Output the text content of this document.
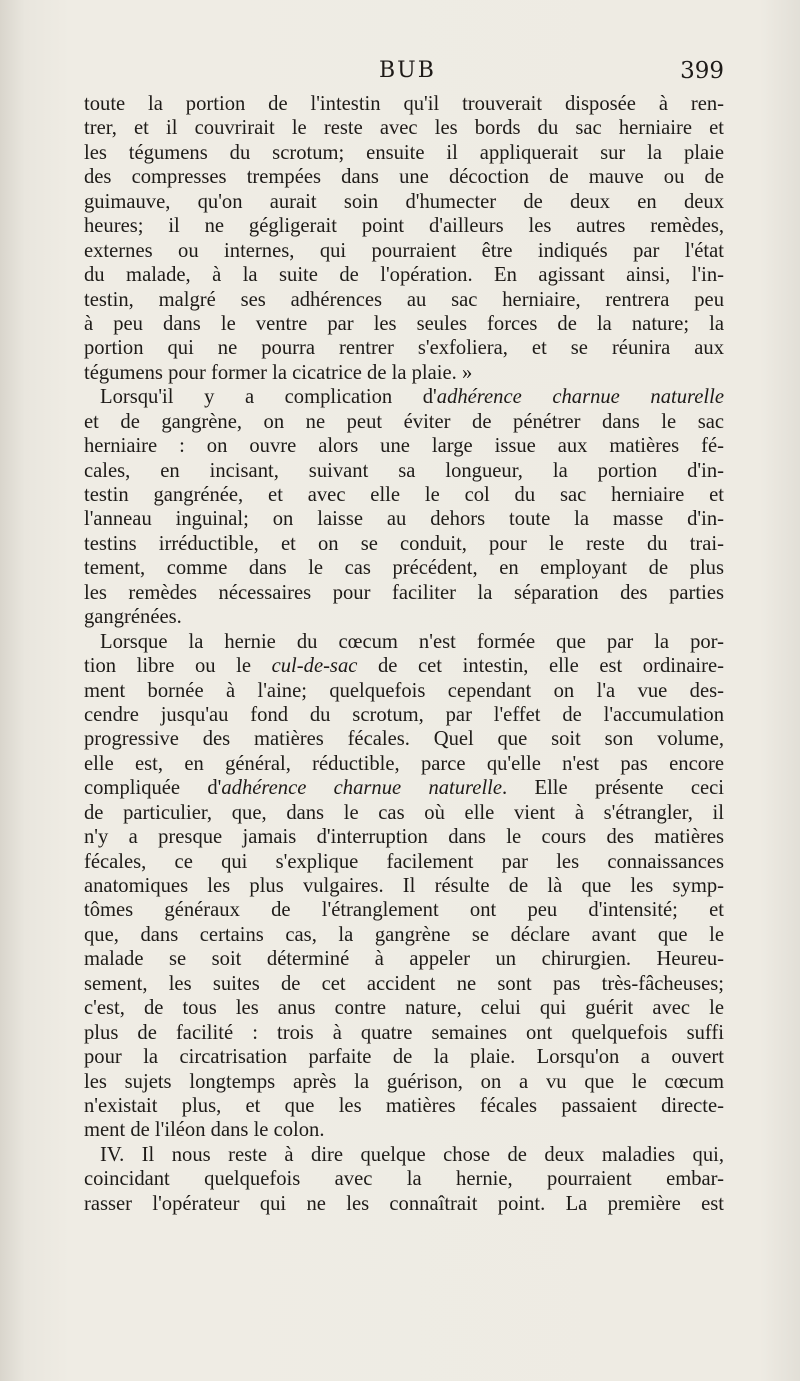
BUB	399
toute la portion de l'intestin qu'il trouverait disposée à ren-
trer, et il couvrirait le reste avec les bords du sac herniaire et
les tégumens du scrotum; ensuite il appliquerait sur la plaie
des compresses trempées dans une décoction de mauve ou de
guimauve, qu'on aurait soin d'humecter de deux en deux
heures; il ne gégligerait point d'ailleurs les autres remèdes,
externes ou internes, qui pourraient être indiqués par l'état
du malade, à la suite de l'opération. En agissant ainsi, l'in-
testin, malgré ses adhérences au sac herniaire, rentrera peu
à peu dans le ventre par les seules forces de la nature; la
portion qui ne pourra rentrer s'exfoliera, et se réunira aux
tégumens pour former la cicatrice de la plaie. »
Lorsqu'il y a complication d'adhérence charnue naturelle
et de gangrène, on ne peut éviter de pénétrer dans le sac
herniaire : on ouvre alors une large issue aux matières fé-
cales, en incisant, suivant sa longueur, la portion d'in-
testin gangrénée, et avec elle le col du sac herniaire et
l'anneau inguinal; on laisse au dehors toute la masse d'in-
testins irréductible, et on se conduit, pour le reste du trai-
tement, comme dans le cas précédent, en employant de plus
les remèdes nécessaires pour faciliter la séparation des parties
gangrénées.
Lorsque la hernie du cœcum n'est formée que par la por-
tion libre ou le cul-de-sac de cet intestin, elle est ordinaire-
ment bornée à l'aine; quelquefois cependant on l'a vue des-
cendre jusqu'au fond du scrotum, par l'effet de l'accumulation
progressive des matières fécales. Quel que soit son volume,
elle est, en général, réductible, parce qu'elle n'est pas encore
compliquée d'adhérence charnue naturelle. Elle présente ceci
de particulier, que, dans le cas où elle vient à s'étrangler, il
n'y a presque jamais d'interruption dans le cours des matières
fécales, ce qui s'explique facilement par les connaissances
anatomiques les plus vulgaires. Il résulte de là que les symp-
tômes généraux de l'étranglement ont peu d'intensité; et
que, dans certains cas, la gangrène se déclare avant que le
malade se soit déterminé à appeler un chirurgien. Heureu-
sement, les suites de cet accident ne sont pas très-fâcheuses;
c'est, de tous les anus contre nature, celui qui guérit avec le
plus de facilité : trois à quatre semaines ont quelquefois suffi
pour la circatrisation parfaite de la plaie. Lorsqu'on a ouvert
les sujets longtemps après la guérison, on a vu que le cœcum
n'existait plus, et que les matières fécales passaient directe-
ment de l'iléon dans le colon.
IV. Il nous reste à dire quelque chose de deux maladies qui,
coincidant quelquefois avec la hernie, pourraient embar-
rasser l'opérateur qui ne les connaîtrait point. La première est
